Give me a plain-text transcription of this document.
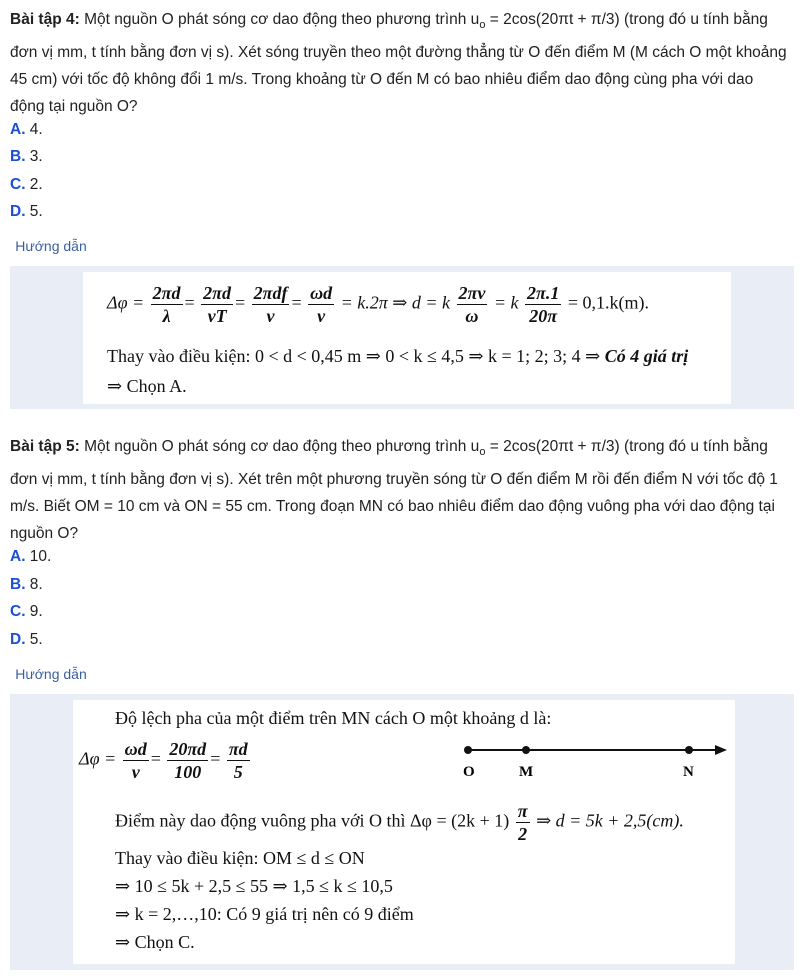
Bài tập 4: Một nguồn O phát sóng cơ dao động theo phương trình $u_o = 2\cos(20\pi t + \pi/3)$ (trong đó u tính bằng đơn vị mm, t tính bằng đơn vị s). Xét sóng truyền theo một đường thẳng từ O đến điểm M (M cách O một khoảng 45 cm) với tốc độ không đổi 1 m/s. Trong khoảng từ O đến M có bao nhiêu điểm dao động cùng pha với dao động tại nguồn O?
A. 4.
B. 3.
C. 2.
D. 5.
Hướng dẫn
$\Delta\varphi = \frac{2\pi d}{\lambda} = \frac{2\pi d}{vT} = \frac{\text{2πdf}}{v} = \frac{\omega d}{v} = k.2\pi$ ⇒ d = k $\frac{2\pi v}{\omega} = k \frac{2\pi.1}{20\pi} = 0,1.k(m)$.
Thay vào điều kiện: 0 < d < 0,45 m ⇒ 0 < k ≤ 4,5 ⇒ k = 1; 2; 3; 4 ⇒ Có 4 giá trị
⇒ Chọn A.
Bài tập 5: Một nguồn O phát sóng cơ dao động theo phương trình $u_o = 2\cos(20\pi t + \pi/3)$ (trong đó u tính bằng đơn vị mm, t tính bằng đơn vị s). Xét trên một phương truyền sóng từ O đến điểm M rồi đến điểm N với tốc độ 1 m/s. Biết OM = 10 cm và ON = 55 cm. Trong đoạn MN có bao nhiêu điểm dao động vuông pha với dao động tại nguồn O?
A. 10.
B. 8.
C. 9.
D. 5.
Hướng dẫn
Độ lệch pha của một điểm trên MN cách O một khoảng d là:
$\Delta\varphi = \frac{\omega d}{v} = \frac{20\pi d}{100} = \frac{\pi d}{5}$	O	M	N
Điểm này dao động vuông pha với O thì $\Delta\varphi = (2k + 1) \frac{\pi}{2}$ ⇒ d = 5k + 2,5(cm).
Thay vào điều kiện: OM ≤ d ≤ ON
⇒ 10 ≤ 5k + 2,5 ≤ 55 ⇒ 1,5 ≤ k ≤ 10,5
⇒ k = 2,…,10: Có 9 giá trị nên có 9 điểm
⇒ Chọn C.
